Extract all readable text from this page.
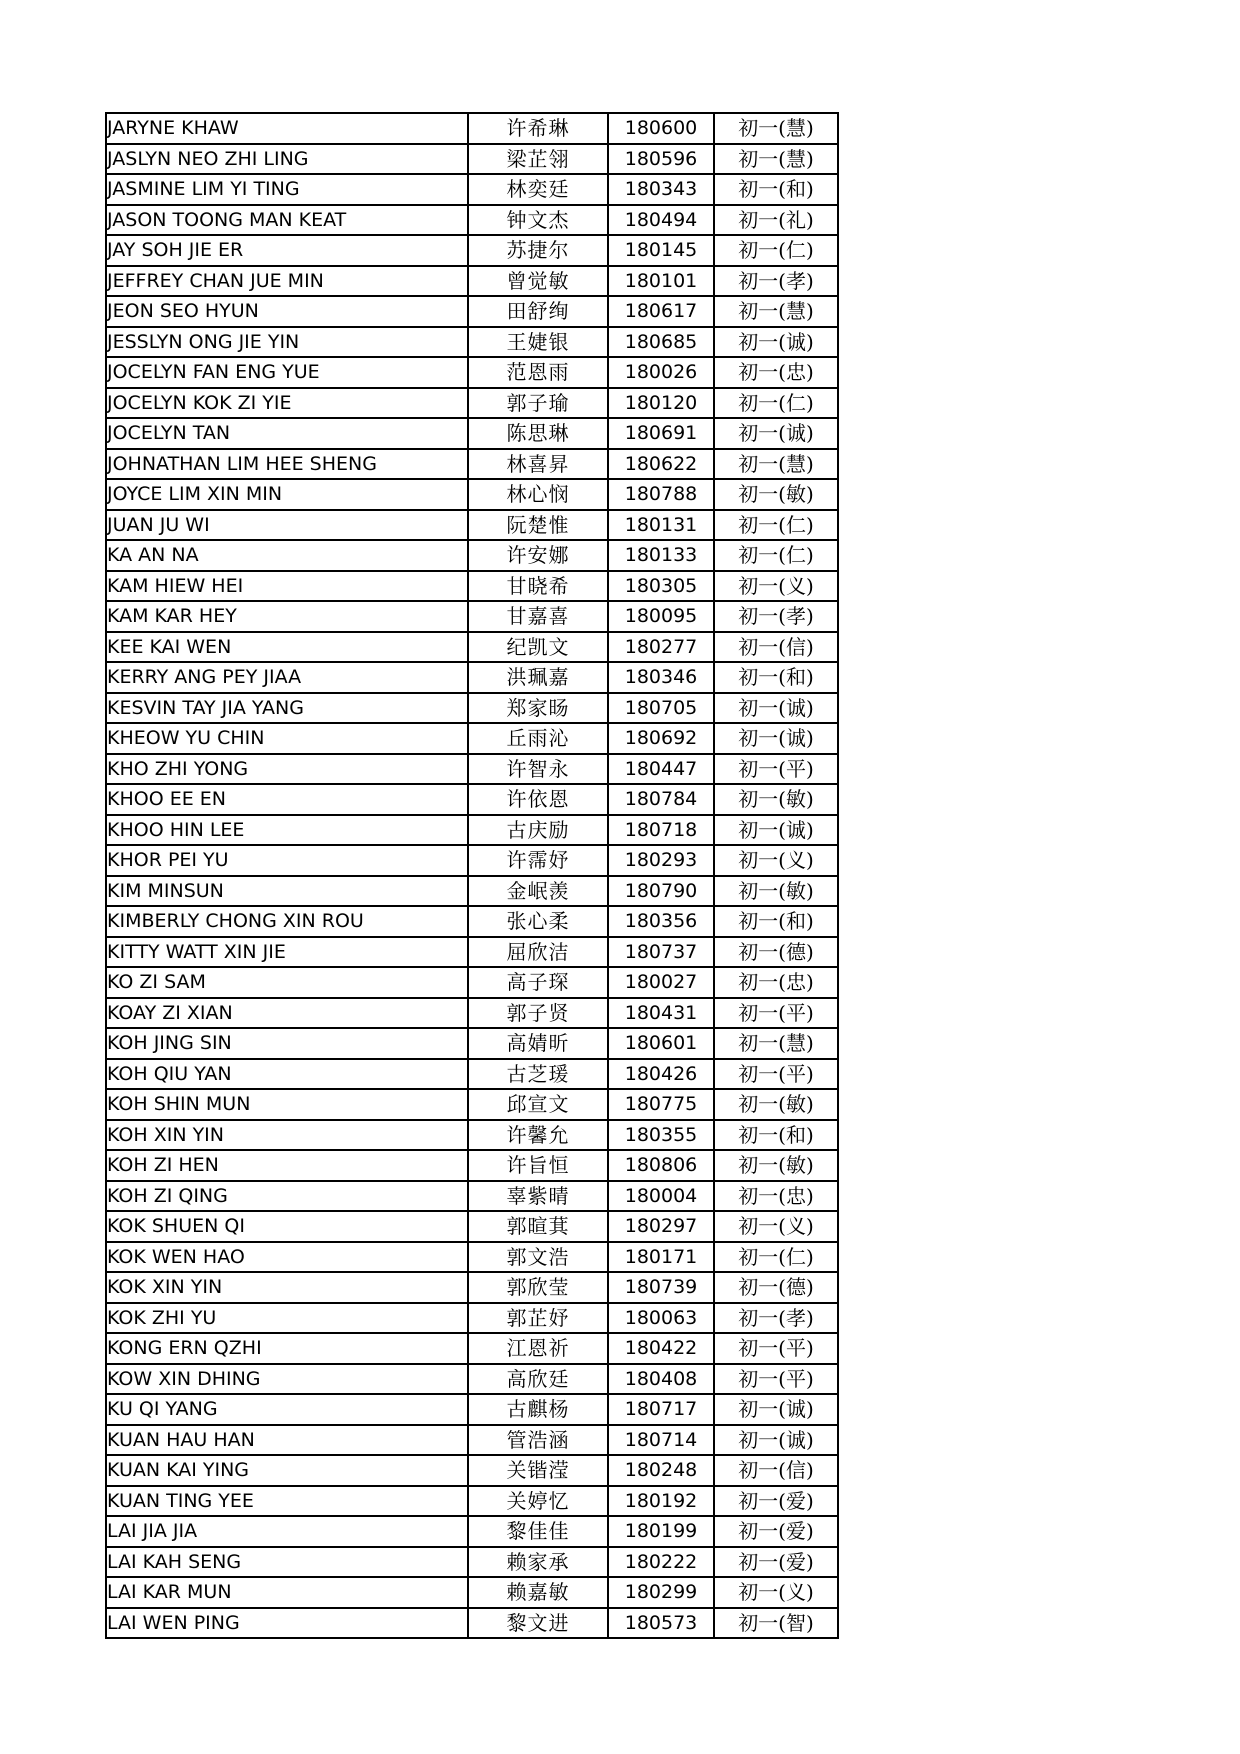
JARYNE KHAW	许希琳	180600	初一(慧)
JASLYN NEO ZHI LING	梁芷翎	180596	初一(慧)
JASMINE LIM YI TING	林奕廷	180343	初一(和)
JASON TOONG MAN KEAT	钟文杰	180494	初一(礼)
JAY SOH JIE ER	苏捷尔	180145	初一(仁)
JEFFREY CHAN JUE MIN	曾觉敏	180101	初一(孝)
JEON SEO HYUN	田舒绚	180617	初一(慧)
JESSLYN ONG JIE YIN	王婕银	180685	初一(诚)
JOCELYN FAN ENG YUE	范恩雨	180026	初一(忠)
JOCELYN KOK ZI YIE	郭子瑜	180120	初一(仁)
JOCELYN TAN	陈思琳	180691	初一(诚)
JOHNATHAN LIM HEE SHENG	林喜昇	180622	初一(慧)
JOYCE LIM XIN MIN	林心悯	180788	初一(敏)
JUAN JU WI	阮楚惟	180131	初一(仁)
KA AN NA	许安娜	180133	初一(仁)
KAM HIEW HEI	甘晓希	180305	初一(义)
KAM KAR HEY	甘嘉喜	180095	初一(孝)
KEE KAI WEN	纪凯文	180277	初一(信)
KERRY ANG PEY JIAA	洪珮嘉	180346	初一(和)
KESVIN TAY JIA YANG	郑家旸	180705	初一(诚)
KHEOW YU CHIN	丘雨沁	180692	初一(诚)
KHO ZHI YONG	许智永	180447	初一(平)
KHOO EE EN	许依恩	180784	初一(敏)
KHOO HIN LEE	古庆励	180718	初一(诚)
KHOR PEI YU	许霈妤	180293	初一(义)
KIM MINSUN	金岷羡	180790	初一(敏)
KIMBERLY CHONG XIN ROU	张心柔	180356	初一(和)
KITTY WATT XIN JIE	屈欣洁	180737	初一(德)
KO ZI SAM	高子琛	180027	初一(忠)
KOAY ZI XIAN	郭子贤	180431	初一(平)
KOH JING SIN	高婧昕	180601	初一(慧)
KOH QIU YAN	古芝瑗	180426	初一(平)
KOH SHIN MUN	邱宣文	180775	初一(敏)
KOH XIN YIN	许馨允	180355	初一(和)
KOH ZI HEN	许旨恒	180806	初一(敏)
KOH ZI QING	辜紫晴	180004	初一(忠)
KOK SHUEN QI	郭暄萁	180297	初一(义)
KOK WEN HAO	郭文浩	180171	初一(仁)
KOK XIN YIN	郭欣莹	180739	初一(德)
KOK ZHI YU	郭芷妤	180063	初一(孝)
KONG ERN QZHI	江恩祈	180422	初一(平)
KOW XIN DHING	高欣廷	180408	初一(平)
KU QI YANG	古麒杨	180717	初一(诚)
KUAN HAU HAN	管浩涵	180714	初一(诚)
KUAN KAI YING	关锴滢	180248	初一(信)
KUAN TING YEE	关婷忆	180192	初一(爱)
LAI JIA JIA	黎佳佳	180199	初一(爱)
LAI KAH SENG	赖家承	180222	初一(爱)
LAI KAR MUN	赖嘉敏	180299	初一(义)
LAI WEN PING	黎文进	180573	初一(智)
